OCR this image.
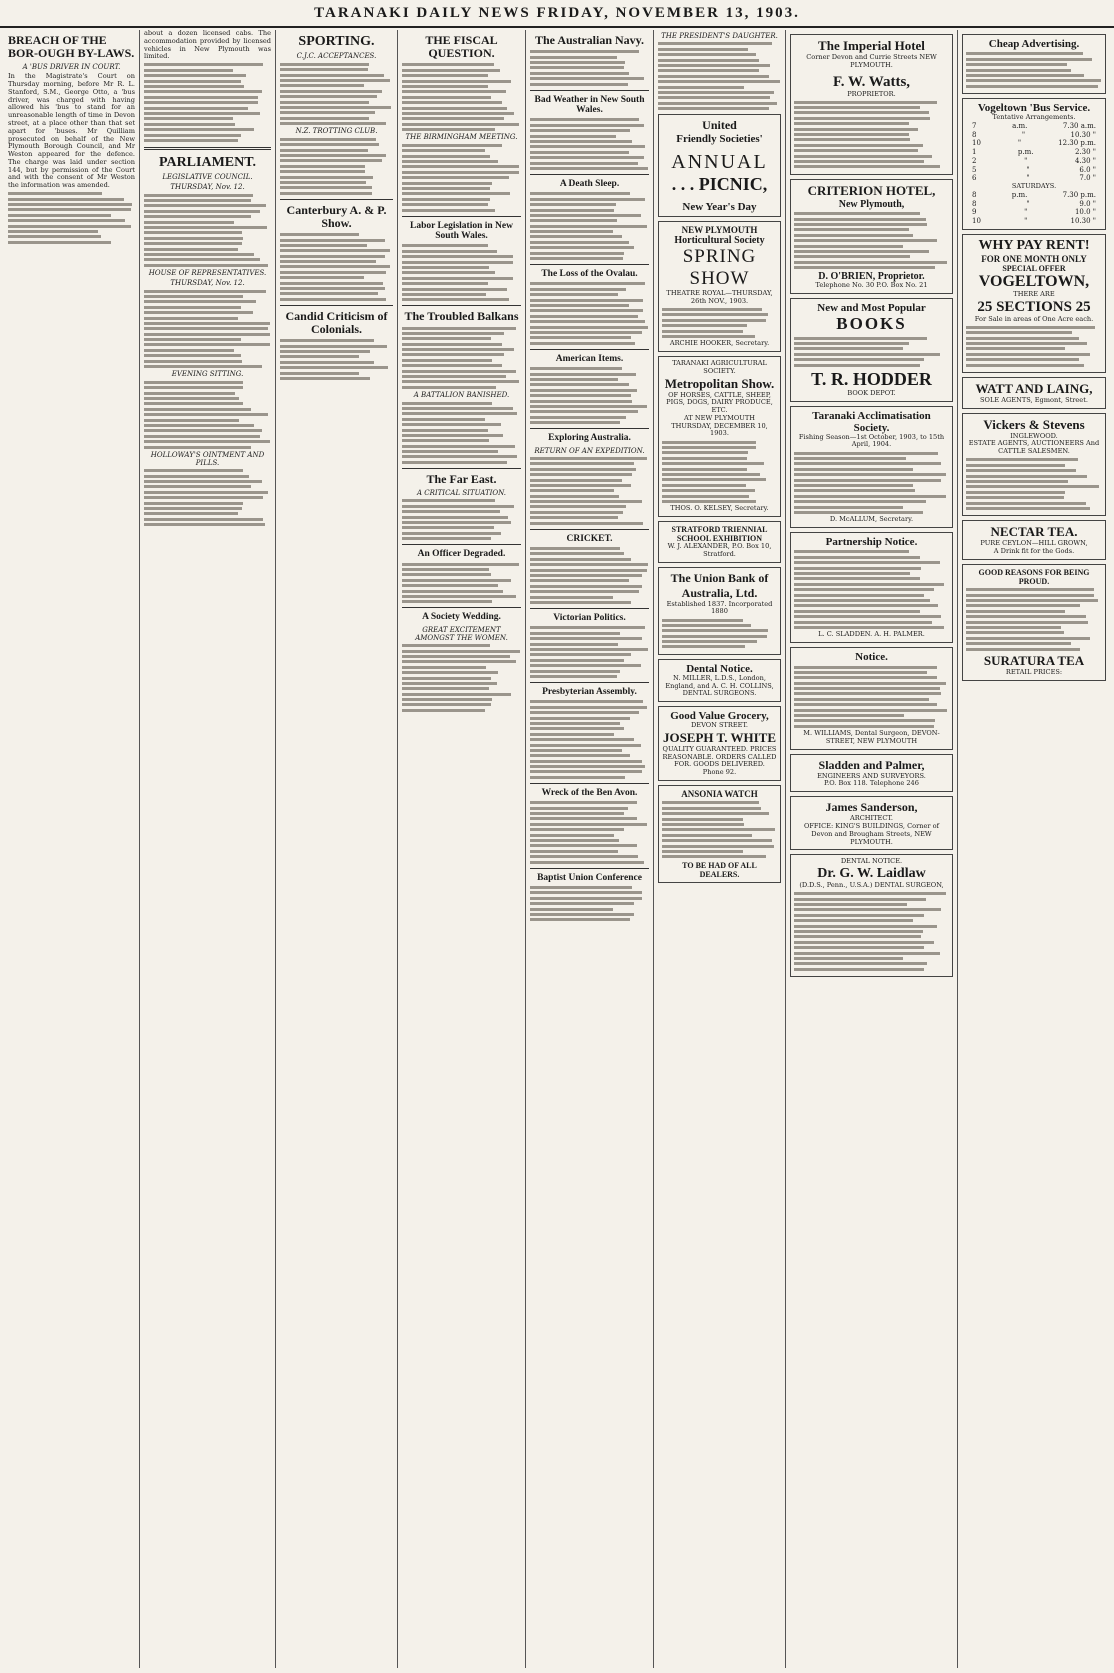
TARANAKI DAILY NEWS FRIDAY, NOVEMBER 13, 1903.
BREACH OF THE BOR-OUGH BY-LAWS.
A 'BUS DRIVER IN COURT.
In the Magistrate's Court on Thursday morning, before Mr R. L. Stanford, S.M., George Otto, a 'bus driver, was charged with having allowed his 'bus to stand for an unreasonable length of time in Devon street, at a place other than that set apart for 'buses. Mr Quilliam prosecuted on behalf of the New Plymouth Borough Council, and Mr Weston appeared for the defence. The charge was laid under section 144, but by permission of the Court and with the consent of Mr Weston the information was amended.
about a dozen licensed cabs. The accommodation provided by licensed vehicles in New Plymouth was limited.
PARLIAMENT.
LEGISLATIVE COUNCIL.
THURSDAY, Nov. 12.
HOUSE OF REPRESENTATIVES.
THURSDAY, Nov. 12.
EVENING SITTING.
HOLLOWAY'S OINTMENT AND PILLS.
SPORTING.
C.J.C. ACCEPTANCES.
N.Z. TROTTING CLUB.
Canterbury A. & P. Show.
Candid Criticism of Colonials.
THE FISCAL QUESTION.
THE BIRMINGHAM MEETING.
Labor Legislation in New South Wales.
The Troubled Balkans
A BATTALION BANISHED.
The Far East.
A CRITICAL SITUATION.
An Officer Degraded.
A Society Wedding.
GREAT EXCITEMENT AMONGST THE WOMEN.
The Australian Navy.
Bad Weather in New South Wales.
A Death Sleep.
The Loss of the Ovalau.
American Items.
Exploring Australia.
RETURN OF AN EXPEDITION.
CRICKET.
Victorian Politics.
Presbyterian Assembly.
Wreck of the Ben Avon.
Baptist Union Conference
THE PRESIDENT'S DAUGHTER.
United
Friendly Societies'
ANNUAL
. . . PICNIC,
New Year's Day
NEW PLYMOUTH
Horticultural Society
SPRING SHOW
THEATRE ROYAL—THURSDAY, 26th NOV., 1903.
ARCHIE HOOKER, Secretary.
TARANAKI AGRICULTURAL SOCIETY.
Metropolitan Show.
OF HORSES, CATTLE, SHEEP, PIGS, DOGS, DAIRY PRODUCE, ETC.
AT NEW PLYMOUTH
THURSDAY, DECEMBER 10, 1903.
THOS. O. KELSEY, Secretary.
STRATFORD TRIENNIAL SCHOOL EXHIBITION
W. J. ALEXANDER, P.O. Box 10, Stratford.
The Union Bank of Australia, Ltd.
Established 1837. Incorporated 1880
Dental Notice.
N. MILLER, L.D.S., London, England, and A. C. H. COLLINS, DENTAL SURGEONS.
Good Value Grocery,
DEVON STREET.
JOSEPH T. WHITE
QUALITY GUARANTEED. PRICES REASONABLE. ORDERS CALLED FOR. GOODS DELIVERED.
Phone 92.
ANSONIA WATCH
TO BE HAD OF ALL DEALERS.
The Imperial Hotel
Corner Devon and Currie Streets NEW PLYMOUTH.
F. W. Watts,
PROPRIETOR.
CRITERION HOTEL,
New Plymouth,
D. O'BRIEN, Proprietor.
Telephone No. 30 P.O. Box No. 21
New and Most Popular
BOOKS
T. R. HODDER
BOOK DEPOT.
Taranaki Acclimatisation Society.
Fishing Season—1st October, 1903, to 15th April, 1904.
D. McALLUM, Secretary.
Partnership Notice.
L. C. SLADDEN. A. H. PALMER.
Notice.
M. WILLIAMS, Dental Surgeon, DEVON-STREET, NEW PLYMOUTH
Sladden and Palmer,
ENGINEERS AND SURVEYORS.
P.O. Box 118. Telephone 246
James Sanderson,
ARCHITECT.
OFFICE: KING'S BUILDINGS, Corner of Devon and Brougham Streets, NEW PLYMOUTH.
DENTAL NOTICE.
Dr. G. W. Laidlaw
(D.D.S., Penn., U.S.A.) DENTAL SURGEON,
Cheap Advertising.
Vogeltown 'Bus Service.
Tentative Arrangements.
7	a.m.	7.30 a.m.
8	"	10.30 "
10	"	12.30 p.m.
1	p.m.	2.30 "
2	"	4.30 "
5	"	6.0 "
6	"	7.0 "
SATURDAYS.
8	p.m.	7.30 p.m.
8	"	9.0 "
9	"	10.0 "
10	"	10.30 "
WHY PAY RENT!
FOR ONE MONTH ONLY
SPECIAL OFFER
VOGELTOWN,
THERE ARE
25 SECTIONS 25
For Sale in areas of One Acre each.
WATT AND LAING,
SOLE AGENTS, Egmont, Street.
Vickers & Stevens
INGLEWOOD.
ESTATE AGENTS, AUCTIONEERS And CATTLE SALESMEN.
NECTAR TEA.
PURE CEYLON—HILL GROWN,
A Drink fit for the Gods.
GOOD REASONS FOR BEING PROUD.
SURATURA TEA
RETAIL PRICES:
